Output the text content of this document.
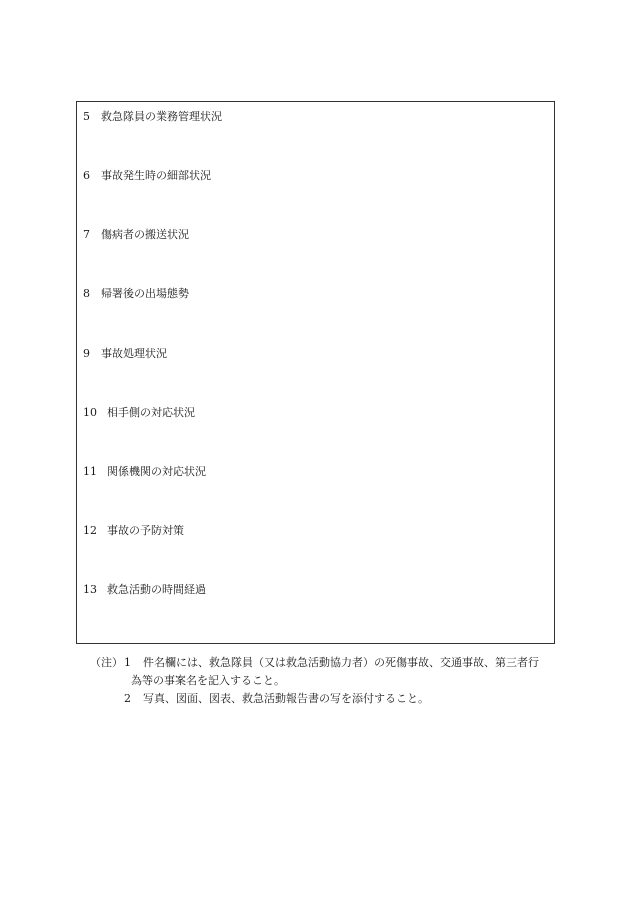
5 救急隊員の業務管理状況
6 事故発生時の細部状況
7 傷病者の搬送状況
8 帰署後の出場態勢
9 事故処理状況
10 相手側の対応状況
11 関係機関の対応状況
12 事故の予防対策
13 救急活動の時間経過
（注） 1 件名欄には、救急隊員（又は救急活動協力者）の死傷事故、交通事故、第三者行
為等の事案名を記入すること。
2 写真、図面、図表、救急活動報告書の写を添付すること。
